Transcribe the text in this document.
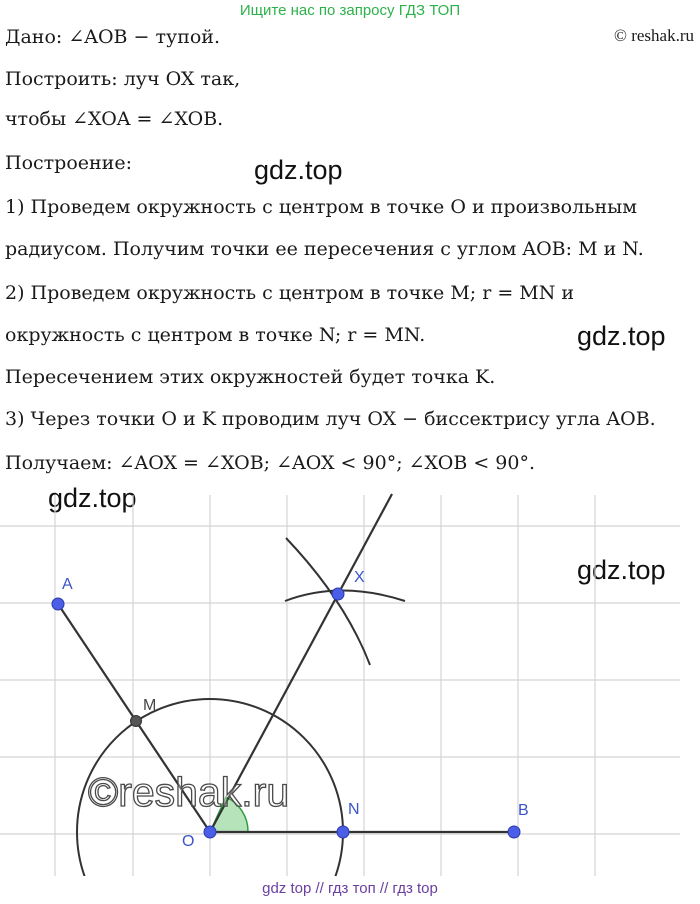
Ищите нас по запросу ГДЗ ТОП
© reshak.ru
Дано: ∠AOB − тупой.
Построить: луч OX так,
чтобы ∠XOA = ∠XOB.
Построение:
1) Проведем окружность с центром в точке O и произвольным
радиусом. Получим точки ее пересечения с углом AOB: M и N.
2) Проведем окружность с центром в точке M; r = MN и
окружность с центром в точке N; r = MN.
Пересечением этих окружностей будет точка K.
3) Через точки O и K проводим луч OX − биссектрису угла AOB.
Получаем: ∠AOX = ∠XOB; ∠AOX < 90°; ∠XOB < 90°.
gdz.top
gdz.top
gdz.top
gdz.top
©reshak.ru
A
M
O
N	B
X
gdz top // гдз топ // гдз top
